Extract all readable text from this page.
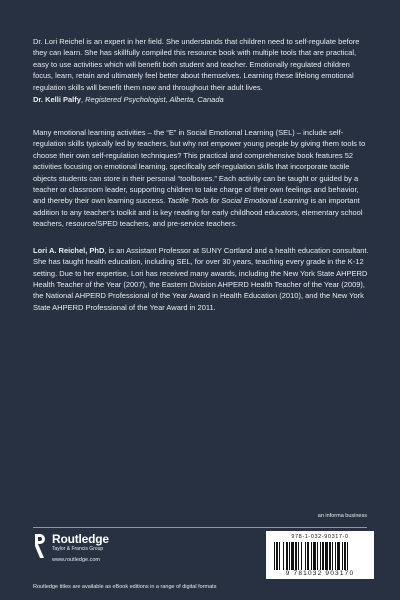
Dr. Lori Reichel is an expert in her field. She understands that children need to self-regulate before they can learn. She has skillfully compiled this resource book with multiple tools that are practical, easy to use activities which will benefit both student and teacher. Emotionally regulated children focus, learn, retain and ultimately feel better about themselves. Learning these lifelong emotional regulation skills will benefit them now and throughout their adult lives.

Dr. Kelli Palfy, Registered Psychologist, Alberta, Canada

Many emotional learning activities – the “E” in Social Emotional Learning (SEL) – include self-regulation skills typically led by teachers, but why not empower young people by giving them tools to choose their own self-regulation techniques? This practical and comprehensive book features 52 activities focusing on emotional learning, specifically self-regulation skills that incorporate tactile objects students can store in their personal “toolboxes.” Each activity can be taught or guided by a teacher or classroom leader, supporting children to take charge of their own feelings and behavior, and thereby their own learning success. Tactile Tools for Social Emotional Learning is an important addition to any teacher’s toolkit and is key reading for early childhood educators, elementary school teachers, resource/SPED teachers, and pre-service teachers.

Lori A. Reichel, PhD, is an Assistant Professor at SUNY Cortland and a health education consultant. She has taught health education, including SEL, for over 30 years, teaching every grade in the K-12 setting. Due to her expertise, Lori has received many awards, including the New York State AHPERD Health Teacher of the Year (2007), the Eastern Division AHPERD Health Teacher of the Year (2009), the National AHPERD Professional of the Year Award in Health Education (2010), and the New York State AHPERD Professional of the Year Award in 2011.

an informa business
Routledge
Taylor & Francis Group
www.routledge.com
978-1-032-90317-0
9 781032 903170
Routledge titles are available as eBook editions in a range of digital formats
